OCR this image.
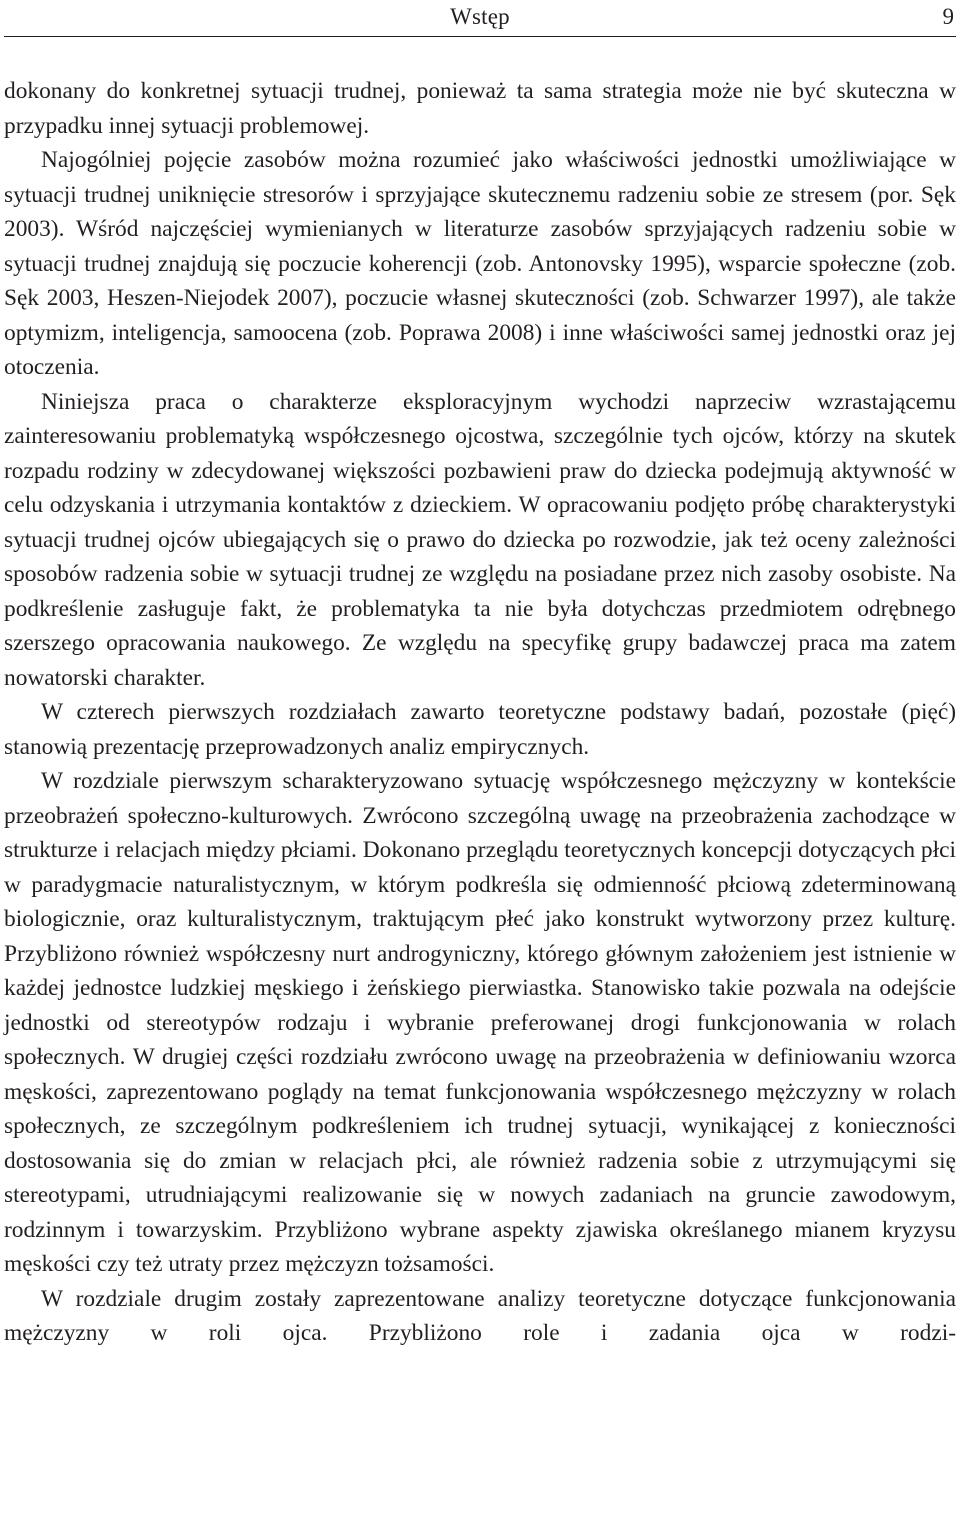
Wstęp	9

dokonany do konkretnej sytuacji trudnej, ponieważ ta sama strategia może nie być skuteczna w przypadku innej sytuacji problemowej.

Najogólniej pojęcie zasobów można rozumieć jako właściwości jednostki umożliwiające w sytuacji trudnej uniknięcie stresorów i sprzyjające skutecznemu radzeniu sobie ze stresem (por. Sęk 2003). Wśród najczęściej wymienianych w literaturze zasobów sprzyjających radzeniu sobie w sytuacji trudnej znajdują się poczucie koherencji (zob. Antonovsky 1995), wsparcie społeczne (zob. Sęk 2003, Heszen-Niejodek 2007), poczucie własnej skuteczności (zob. Schwarzer 1997), ale także optymizm, inteligencja, samoocena (zob. Poprawa 2008) i inne właściwości samej jednostki oraz jej otoczenia.

Niniejsza praca o charakterze eksploracyjnym wychodzi naprzeciw wzrastającemu zainteresowaniu problematyką współczesnego ojcostwa, szczególnie tych ojców, którzy na skutek rozpadu rodziny w zdecydowanej większości pozbawieni praw do dziecka podejmują aktywność w celu odzyskania i utrzymania kontaktów z dzieckiem. W opracowaniu podjęto próbę charakterystyki sytuacji trudnej ojców ubiegających się o prawo do dziecka po rozwodzie, jak też oceny zależności sposobów radzenia sobie w sytuacji trudnej ze względu na posiadane przez nich zasoby osobiste. Na podkreślenie zasługuje fakt, że problematyka ta nie była dotychczas przedmiotem odrębnego szerszego opracowania naukowego. Ze względu na specyfikę grupy badawczej praca ma zatem nowatorski charakter.

W czterech pierwszych rozdziałach zawarto teoretyczne podstawy badań, pozostałe (pięć) stanowią prezentację przeprowadzonych analiz empirycznych.

W rozdziale pierwszym scharakteryzowano sytuację współczesnego mężczyzny w kontekście przeobrażeń społeczno-kulturowych. Zwrócono szczególną uwagę na przeobrażenia zachodzące w strukturze i relacjach między płciami. Dokonano przeglądu teoretycznych koncepcji dotyczących płci w paradygmacie naturalistycznym, w którym podkreśla się odmienność płciową zdeterminowaną biologicznie, oraz kulturalistycznym, traktującym płeć jako konstrukt wytworzony przez kulturę. Przybliżono również współczesny nurt androgyniczny, którego głównym założeniem jest istnienie w każdej jednostce ludzkiej męskiego i żeńskiego pierwiastka. Stanowisko takie pozwala na odejście jednostki od stereotypów rodzaju i wybranie preferowanej drogi funkcjonowania w rolach społecznych. W drugiej części rozdziału zwrócono uwagę na przeobrażenia w definiowaniu wzorca męskości, zaprezentowano poglądy na temat funkcjonowania współczesnego mężczyzny w rolach społecznych, ze szczególnym podkreśleniem ich trudnej sytuacji, wynikającej z konieczności dostosowania się do zmian w relacjach płci, ale również radzenia sobie z utrzymującymi się stereotypami, utrudniającymi realizowanie się w nowych zadaniach na gruncie zawodowym, rodzinnym i towarzyskim. Przybliżono wybrane aspekty zjawiska określanego mianem kryzysu męskości czy też utraty przez mężczyzn tożsamości.

W rozdziale drugim zostały zaprezentowane analizy teoretyczne dotyczące funkcjonowania mężczyzny w roli ojca. Przybliżono role i zadania ojca w rodzi-
